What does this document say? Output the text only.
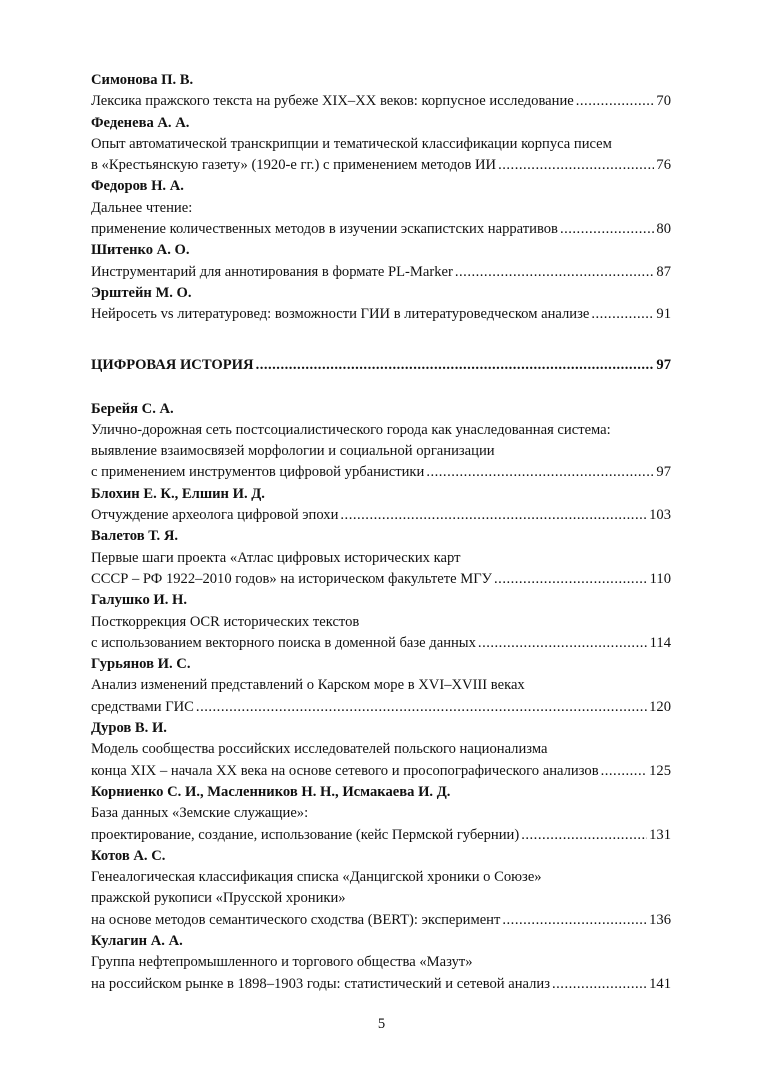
Симонова П. В.
Лексика пражского текста на рубеже XIX–XX веков: корпусное исследование .....	70
Феденева А. А.
Опыт автоматической транскрипции и тематической классификации корпуса писем
в «Крестьянскую газету» (1920-е гг.) с применением методов ИИ .....	76
Федоров Н. А.
Дальнее чтение:
применение количественных методов в изучении эскапистских нарративов .....	80
Шитенко А. О.
Инструментарий для аннотирования в формате PL-Marker .....	87
Эрштейн М. О.
Нейросеть vs литературовед: возможности ГИИ в литературоведческом анализе .....	91
ЦИФРОВАЯ ИСТОРИЯ .....	97
Берейя С. А.
Улично-дорожная сеть постсоциалистического города как унаследованная система:
выявление взаимосвязей морфологии и социальной организации
с применением инструментов цифровой урбанистики .....	97
Блохин Е. К., Елшин И. Д.
Отчуждение археолога цифровой эпохи .....	103
Валетов Т. Я.
Первые шаги проекта «Атлас цифровых исторических карт
СССР – РФ 1922–2010 годов» на историческом факультете МГУ .....	110
Галушко И. Н.
Посткоррекция OCR исторических текстов
с использованием векторного поиска в доменной базе данных .....	114
Гурьянов И. С.
Анализ изменений представлений о Карском море в XVI–XVIII веках
средствами ГИС .....	120
Дуров В. И.
Модель сообщества российских исследователей польского национализма
конца XIX – начала XX века на основе сетевого и просопографического анализов .....	125
Корниенко С. И., Масленников Н. Н., Исмакаева И. Д.
База данных «Земские служащие»:
проектирование, создание, использование (кейс Пермской губернии) .....	131
Котов А. С.
Генеалогическая классификация списка «Данцигской хроники о Союзе»
пражской рукописи «Прусской хроники»
на основе методов семантического сходства (BERT): эксперимент .....	136
Кулагин А. А.
Группа нефтепромышленного и торгового общества «Мазут»
на российском рынке в 1898–1903 годы: статистический и сетевой анализ .....	141
5
